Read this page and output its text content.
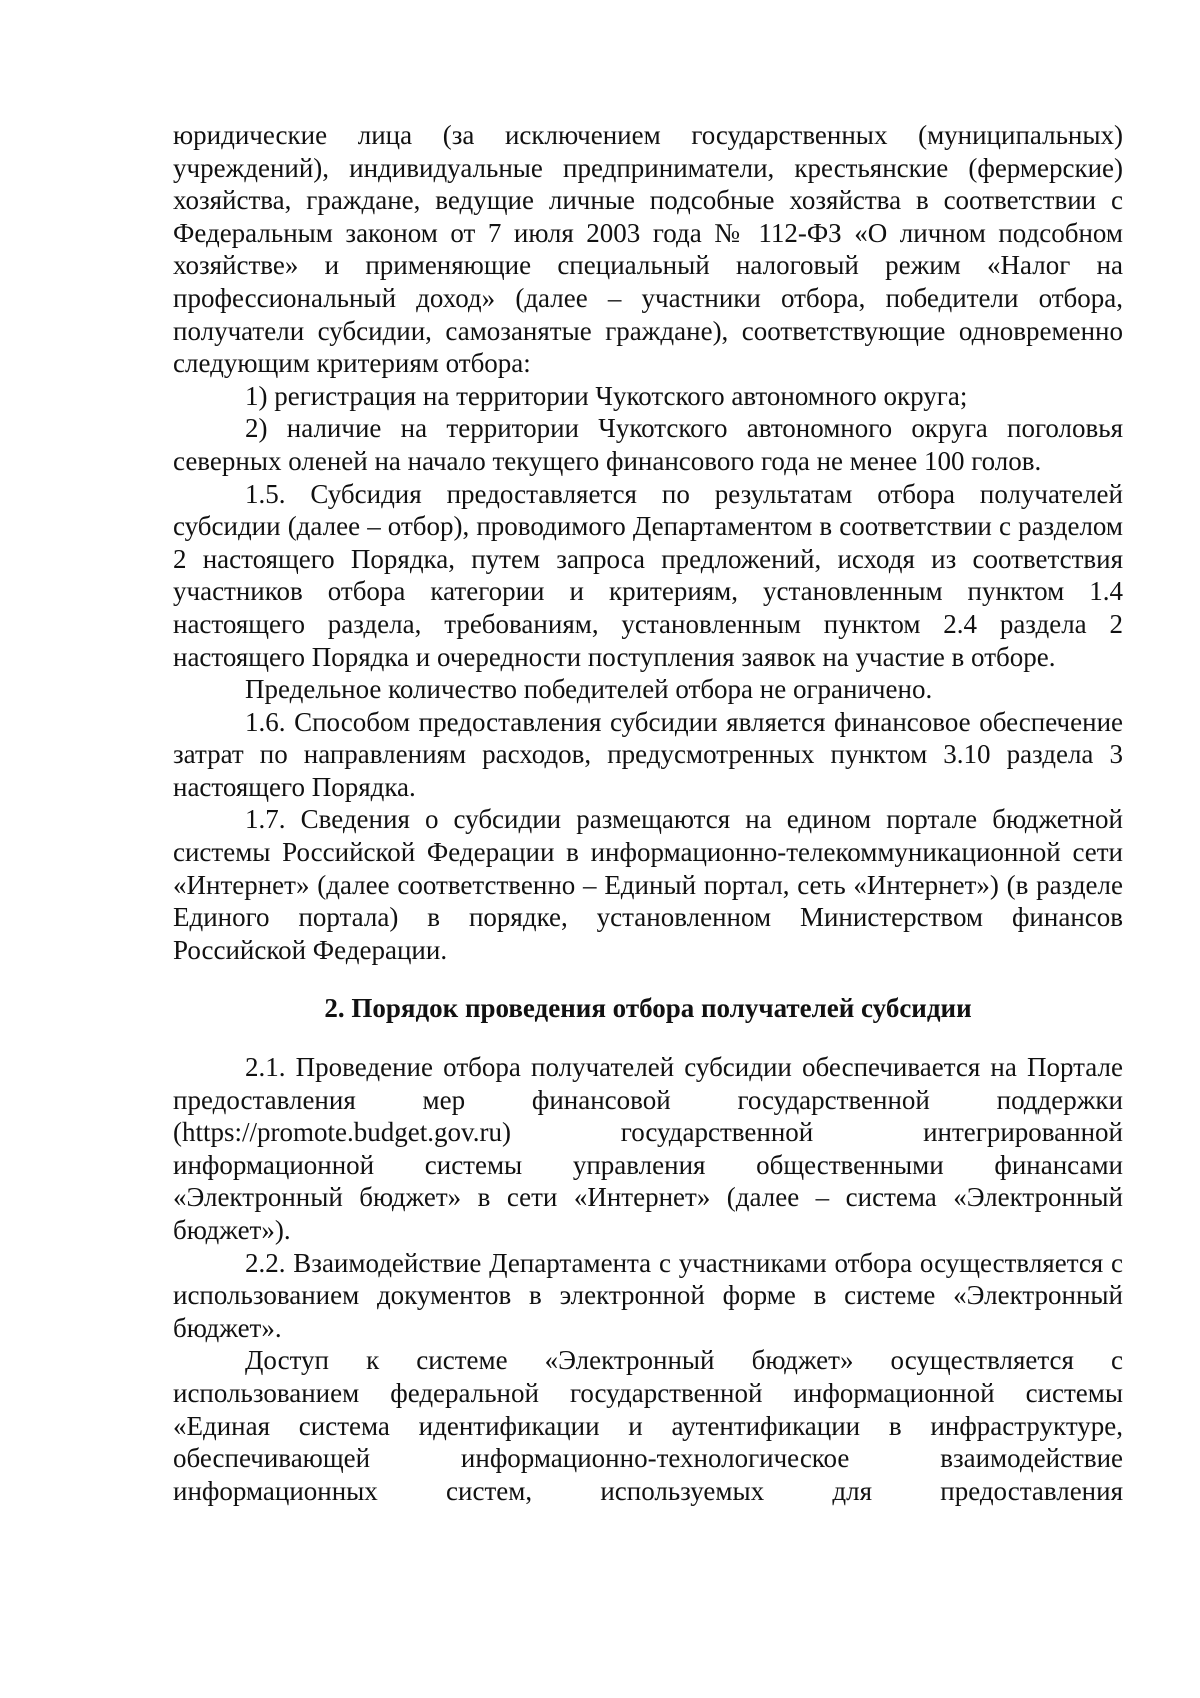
юридические лица (за исключением государственных (муниципальных) учреждений), индивидуальные предприниматели, крестьянские (фермерские) хозяйства, граждане, ведущие личные подсобные хозяйства в соответствии с Федеральным законом от 7 июля 2003 года № 112-ФЗ «О личном подсобном хозяйстве» и применяющие специальный налоговый режим «Налог на профессиональный доход» (далее – участники отбора, победители отбора, получатели субсидии, самозанятые граждане), соответствующие одновременно следующим критериям отбора:

1) регистрация на территории Чукотского автономного округа;

2) наличие на территории Чукотского автономного округа поголовья северных оленей на начало текущего финансового года не менее 100 голов.

1.5. Субсидия предоставляется по результатам отбора получателей субсидии (далее – отбор), проводимого Департаментом в соответствии с разделом 2 настоящего Порядка, путем запроса предложений, исходя из соответствия участников отбора категории и критериям, установленным пунктом 1.4 настоящего раздела, требованиям, установленным пунктом 2.4 раздела 2 настоящего Порядка и очередности поступления заявок на участие в отборе.

Предельное количество победителей отбора не ограничено.

1.6. Способом предоставления субсидии является финансовое обеспечение затрат по направлениям расходов, предусмотренных пунктом 3.10 раздела 3 настоящего Порядка.

1.7. Сведения о субсидии размещаются на едином портале бюджетной системы Российской Федерации в информационно-телекоммуникационной сети «Интернет» (далее соответственно – Единый портал, сеть «Интернет») (в разделе Единого портала) в порядке, установленном Министерством финансов Российской Федерации.

2. Порядок проведения отбора получателей субсидии

2.1. Проведение отбора получателей субсидии обеспечивается на Портале предоставления мер финансовой государственной поддержки (https://promote.budget.gov.ru) государственной интегрированной информационной системы управления общественными финансами «Электронный бюджет» в сети «Интернет» (далее – система «Электронный бюджет»).

2.2. Взаимодействие Департамента с участниками отбора осуществляется с использованием документов в электронной форме в системе «Электронный бюджет».

Доступ к системе «Электронный бюджет» осуществляется с использованием федеральной государственной информационной системы «Единая система идентификации и аутентификации в инфраструктуре, обеспечивающей информационно-технологическое взаимодействие информационных систем, используемых для предоставления
